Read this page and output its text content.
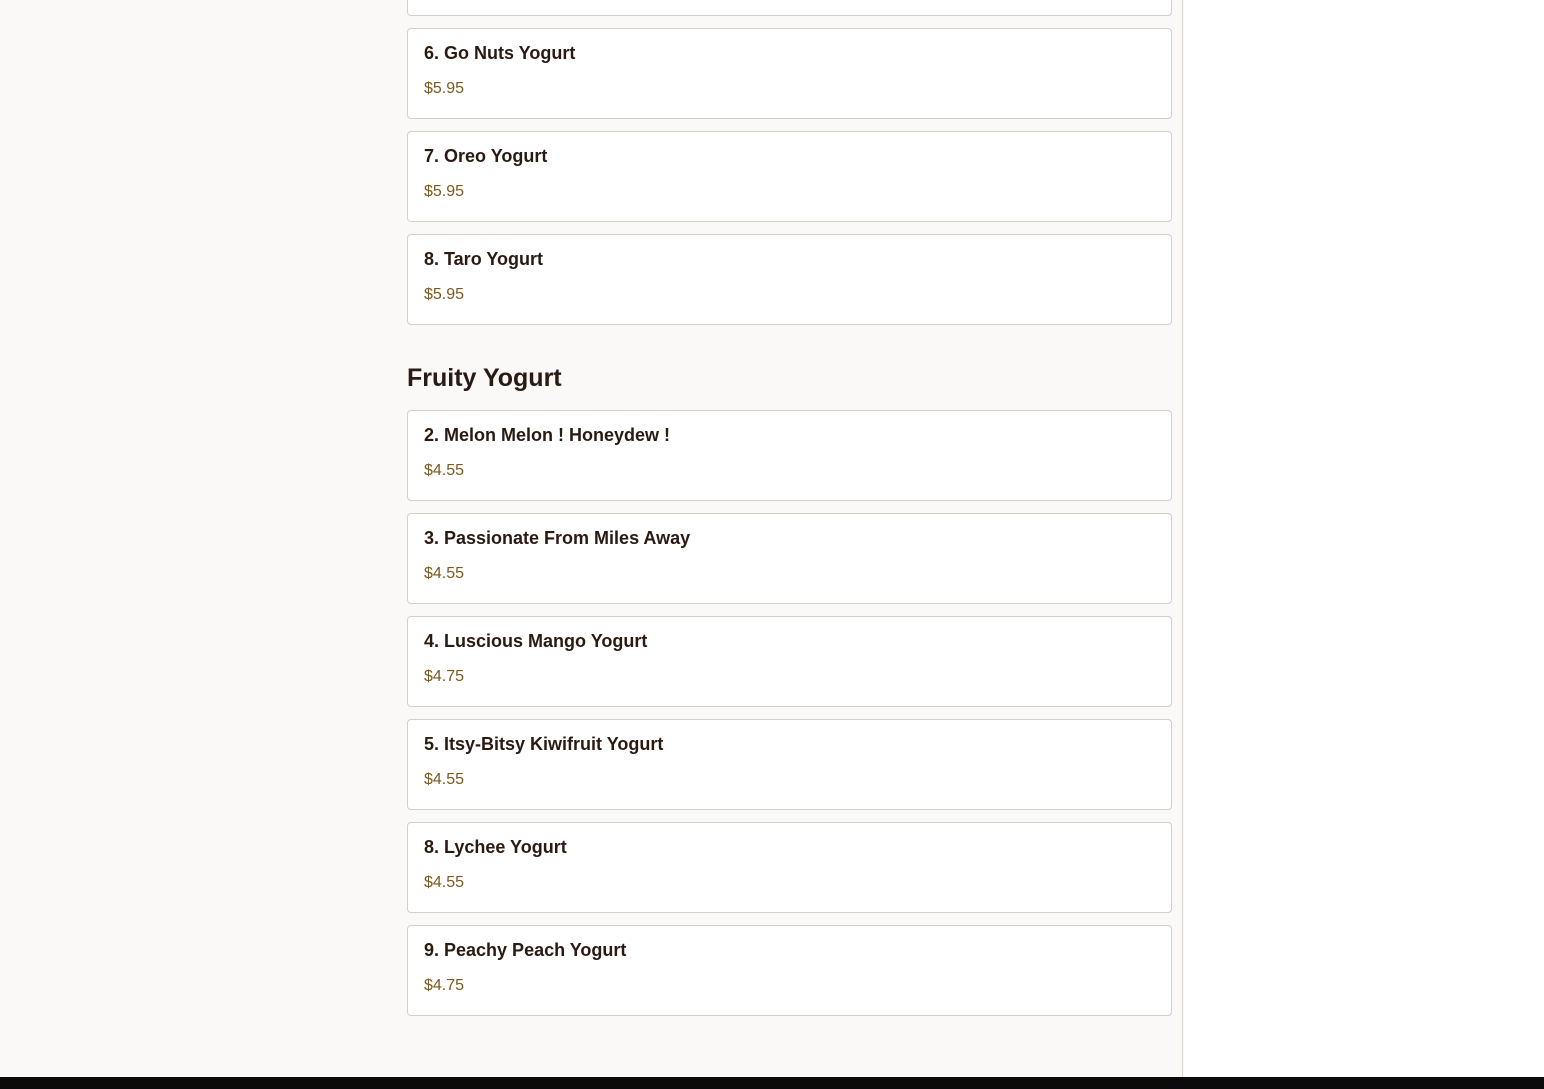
6. Go Nuts Yogurt
$5.95
7. Oreo Yogurt
$5.95
8. Taro Yogurt
$5.95
Fruity Yogurt
2. Melon Melon ! Honeydew !
$4.55
3. Passionate From Miles Away
$4.55
4. Luscious Mango Yogurt
$4.75
5. Itsy-Bitsy Kiwifruit Yogurt
$4.55
8. Lychee Yogurt
$4.55
9. Peachy Peach Yogurt
$4.75
